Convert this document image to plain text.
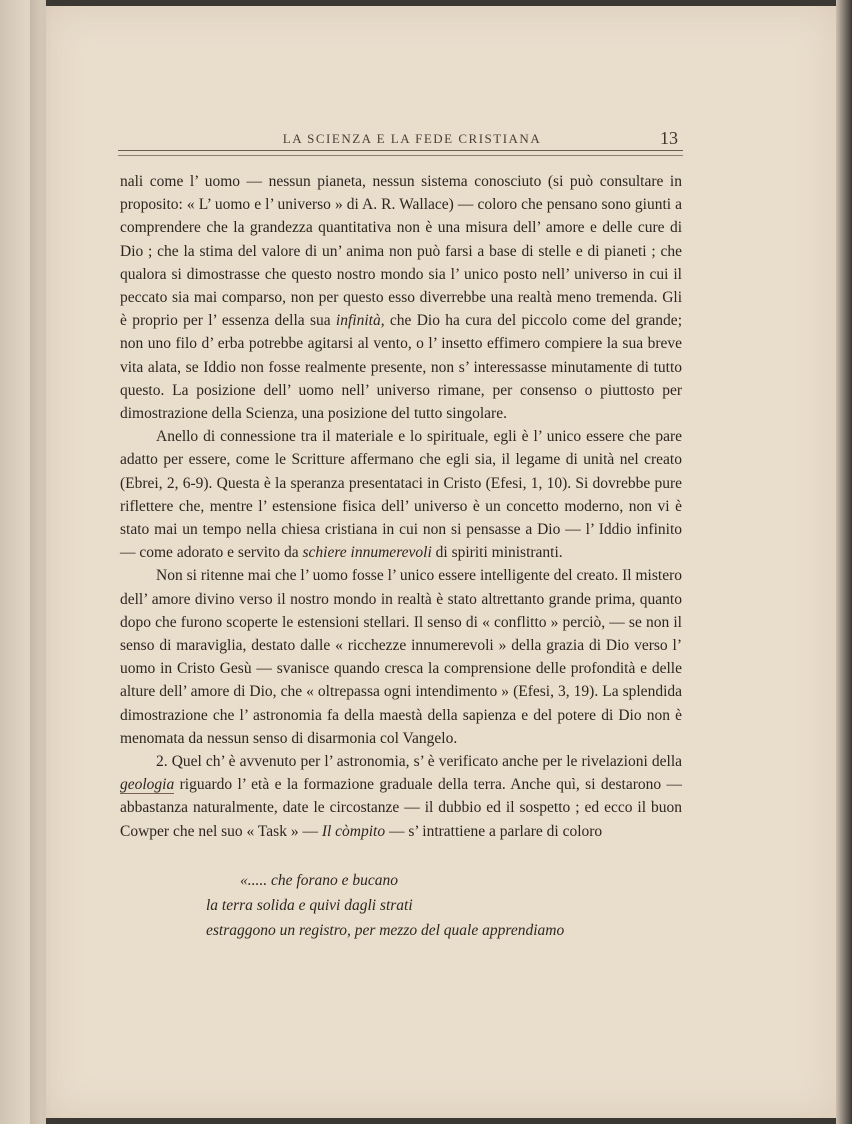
LA SCIENZA E LA FEDE CRISTIANA	13

nali come l’ uomo — nessun pianeta, nessun sistema conosciuto (si può consultare in proposito: « L’ uomo e l’ universo » di A. R. Wallace) — coloro che pensano sono giunti a comprendere che la grandezza quantitativa non è una misura dell’ amore e delle cure di Dio ; che la stima del valore di un’ anima non può farsi a base di stelle e di pianeti ; che qualora si dimostrasse che questo nostro mondo sia l’ unico posto nell’ universo in cui il peccato sia mai comparso, non per questo esso diverrebbe una realtà meno tremenda. Gli è proprio per l’ essenza della sua infinità, che Dio ha cura del piccolo come del grande; non uno filo d’ erba potrebbe agitarsi al vento, o l’ insetto effimero compiere la sua breve vita alata, se Iddio non fosse realmente presente, non s’ interessasse minutamente di tutto questo. La posizione dell’ uomo nell’ universo rimane, per consenso o piuttosto per dimostrazione della Scienza, una posizione del tutto singolare.

Anello di connessione tra il materiale e lo spirituale, egli è l’ unico essere che pare adatto per essere, come le Scritture affermano che egli sia, il legame di unità nel creato (Ebrei, 2, 6-9). Questa è la speranza presentataci in Cristo (Efesi, 1, 10). Si dovrebbe pure riflettere che, mentre l’ estensione fisica dell’ universo è un concetto moderno, non vi è stato mai un tempo nella chiesa cristiana in cui non si pensasse a Dio — l’ Iddio infinito — come adorato e servito da schiere innumerevoli di spiriti ministranti.

Non si ritenne mai che l’ uomo fosse l’ unico essere intelligente del creato. Il mistero dell’ amore divino verso il nostro mondo in realtà è stato altrettanto grande prima, quanto dopo che furono scoperte le estensioni stellari. Il senso di « conflitto » perciò, — se non il senso di maraviglia, destato dalle « ricchezze innumerevoli » della grazia di Dio verso l’ uomo in Cristo Gesù — svanisce quando cresca la comprensione delle profondità e delle alture dell’ amore di Dio, che « oltrepassa ogni intendimento » (Efesi, 3, 19). La splendida dimostrazione che l’ astronomia fa della maestà della sapienza e del potere di Dio non è menomata da nessun senso di disarmonia col Vangelo.

2. Quel ch’ è avvenuto per l’ astronomia, s’ è verificato anche per le rivelazioni della geologia riguardo l’ età e la formazione graduale della terra. Anche quì, si destarono — abbastanza naturalmente, date le circostanze — il dubbio ed il sospetto ; ed ecco il buon Cowper che nel suo « Task » — Il còmpito — s’ intrattiene a parlare di coloro

«..... che forano e bucano
la terra solida e quivi dagli strati
estraggono un registro, per mezzo del quale apprendiamo
